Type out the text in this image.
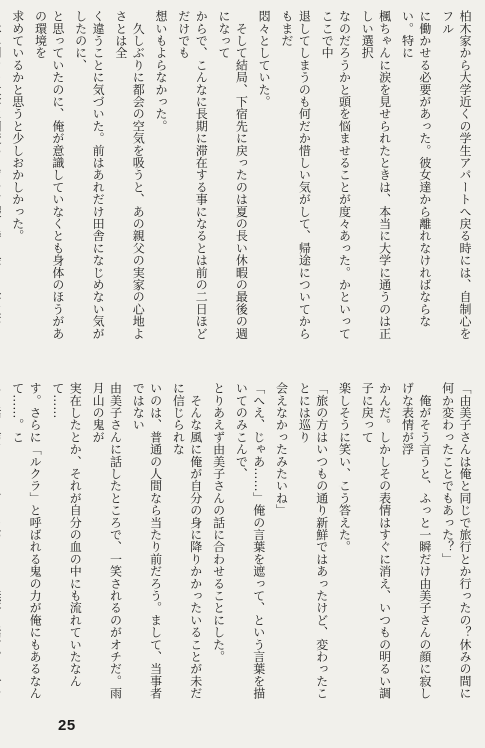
柏木家から大学近くの学生アパートへ戻る時には、自制心をフル
に働かせる必要があった。彼女達から離れなければならない。特に
楓ちゃんに涙を見せられたときは、本当に大学に通うのは正しい選択
なのだろうかと頭を悩ませることが度々あった。かといってここで中
退してしまうのも何だか惜しい気がして、帰途についてからもまだ
悶々としていた。
　そして結局、下宿先に戻ったのは夏の長い休暇の最後の週になって
からで、こんなに長期に滞在する事になるとは前の二日ほどだけでも
想いもよらなかった。
　久しぶりに都会の空気を吸うと、あの親父の実家の心地よさとは全
く違うことに気づいた。前はあれだけ田舎になじめない気がしたのに、
と思っていたのに、俺が意識していなくとも身体のほうがあの環境を
求めているかと思うと少しおかしかった。
「由美子さんは俺と同じで旅行とか行ったの？休みの間に何か変わったことでもあった？」
　俺がそう言うと、ふっと一瞬だけ由美子さんの顔に寂しげな表情が浮
かんだ。しかしその表情はすぐに消え、いつもの明るい調子に戻って
楽しそうに笑い、こう答えた。
「旅の方はいつもの通り新鮮ではあったけど、変わったことには巡り
会えなかったみたいね」
「へえ、じゃあ……」俺の言葉を遮って、という言葉を描いてのみこんで、
とりあえず由美子さんの話に合わせることにした。
　そんな風に俺が自分の身に降りかかったいることが未だに信じられな
いのは、普通の人間なら当たり前だろう。まして、当事者ではない
由美子さんに話したところで、一笑されるのがオチだ。雨月山の鬼が
実在したとか、それが自分の血の中にも流れていたなんて……
す。さらに「ルクラ」と呼ばれる鬼の力が俺にもあるなんて……。こ
25
